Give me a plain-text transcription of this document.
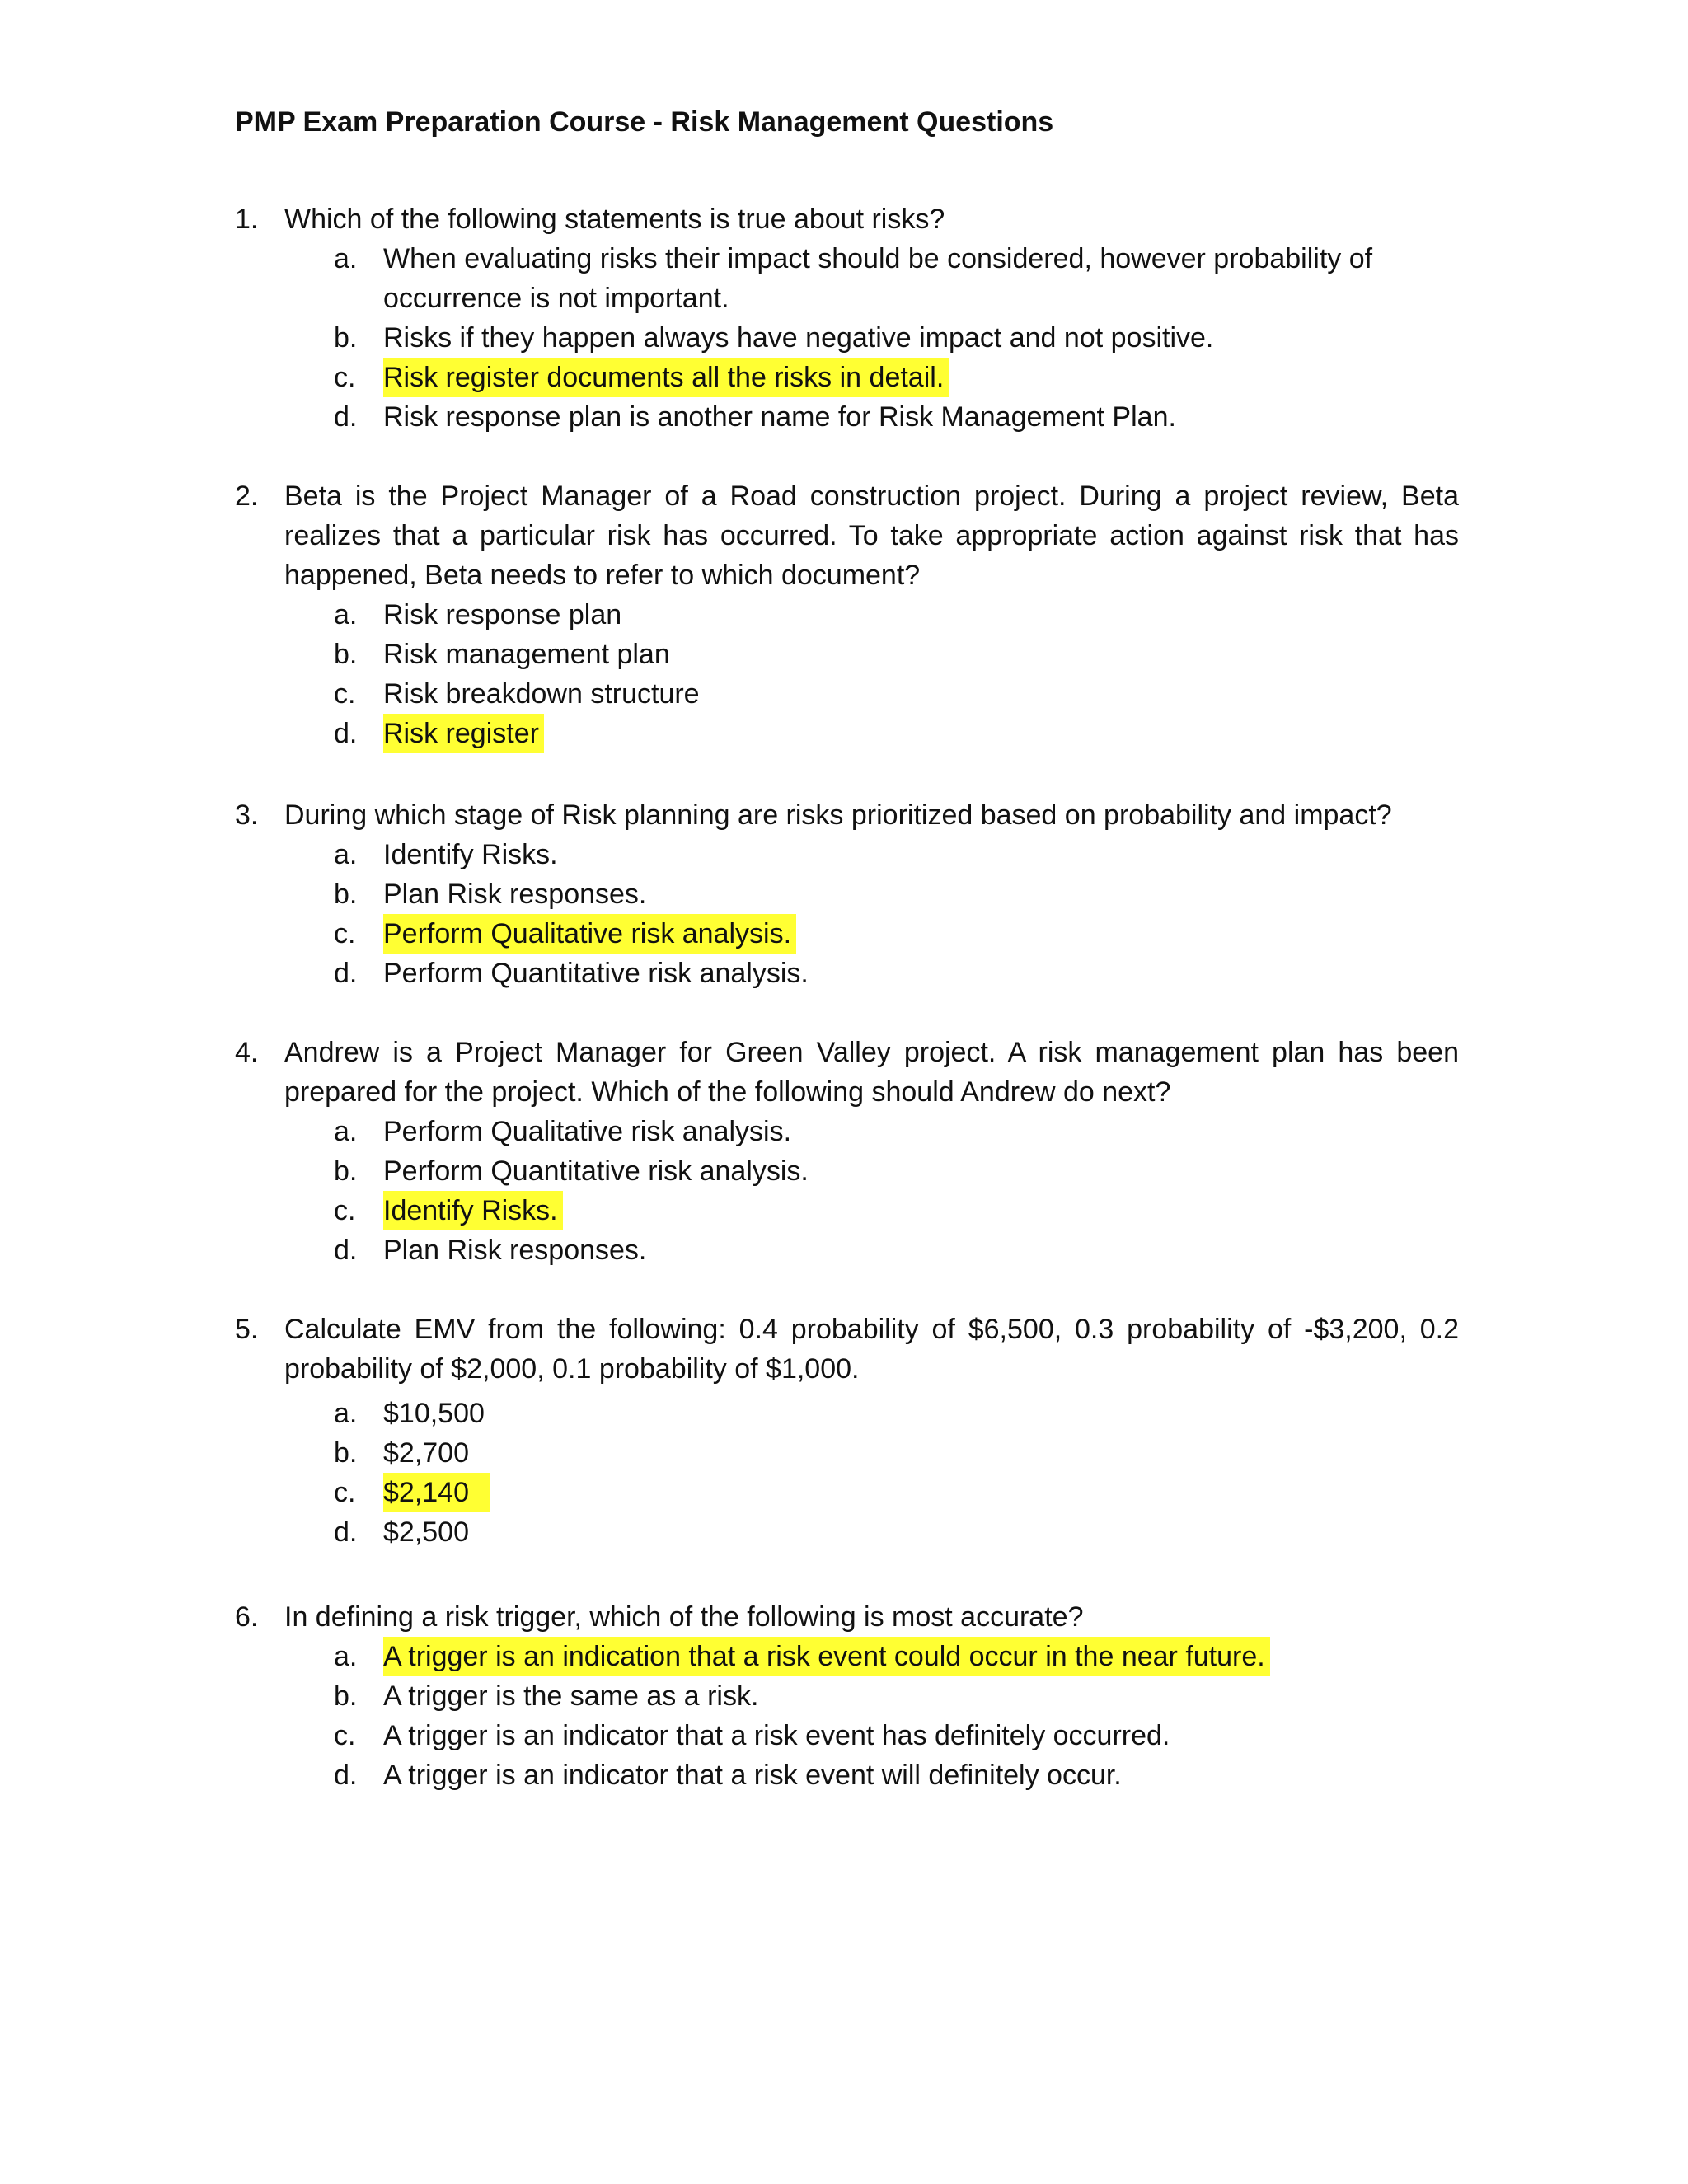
PMP Exam Preparation Course - Risk Management Questions
1. Which of the following statements is true about risks?
a. When evaluating risks their impact should be considered, however probability of occurrence is not important.
b. Risks if they happen always have negative impact and not positive.
c. Risk register documents all the risks in detail.
d. Risk response plan is another name for Risk Management Plan.
2. Beta is the Project Manager of a Road construction project. During a project review, Beta realizes that a particular risk has occurred. To take appropriate action against risk that has happened, Beta needs to refer to which document?
a. Risk response plan
b. Risk management plan
c. Risk breakdown structure
d. Risk register
3. During which stage of Risk planning are risks prioritized based on probability and impact?
a. Identify Risks.
b. Plan Risk responses.
c. Perform Qualitative risk analysis.
d. Perform Quantitative risk analysis.
4. Andrew is a Project Manager for Green Valley project. A risk management plan has been prepared for the project. Which of the following should Andrew do next?
a. Perform Qualitative risk analysis.
b. Perform Quantitative risk analysis.
c. Identify Risks.
d. Plan Risk responses.
5. Calculate EMV from the following: 0.4 probability of $6,500, 0.3 probability of -$3,200, 0.2 probability of $2,000, 0.1 probability of $1,000.
a. $10,500
b. $2,700
c. $2,140
d. $2,500
6. In defining a risk trigger, which of the following is most accurate?
a. A trigger is an indication that a risk event could occur in the near future.
b. A trigger is the same as a risk.
c. A trigger is an indicator that a risk event has definitely occurred.
d. A trigger is an indicator that a risk event will definitely occur.
